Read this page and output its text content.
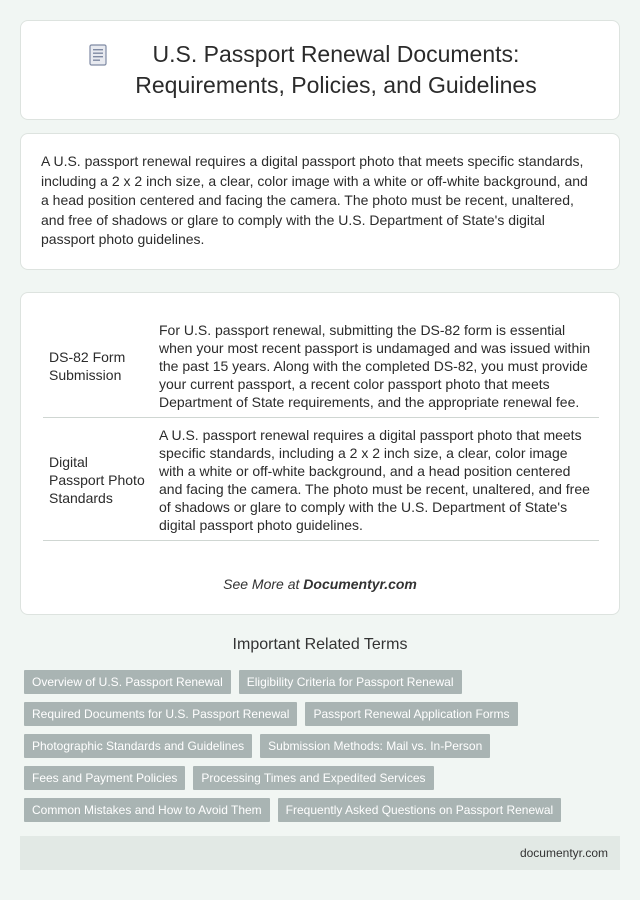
U.S. Passport Renewal Documents: Requirements, Policies, and Guidelines

A U.S. passport renewal requires a digital passport photo that meets specific standards, including a 2 x 2 inch size, a clear, color image with a white or off-white background, and a head position centered and facing the camera. The photo must be recent, unaltered, and free of shadows or glare to comply with the U.S. Department of State's digital passport photo guidelines.

DS-82 Form Submission	For U.S. passport renewal, submitting the DS-82 form is essential when your most recent passport is undamaged and was issued within the past 15 years. Along with the completed DS-82, you must provide your current passport, a recent color passport photo that meets Department of State requirements, and the appropriate renewal fee.
Digital Passport Photo Standards	A U.S. passport renewal requires a digital passport photo that meets specific standards, including a 2 x 2 inch size, a clear, color image with a white or off-white background, and a head position centered and facing the camera. The photo must be recent, unaltered, and free of shadows or glare to comply with the U.S. Department of State's digital passport photo guidelines.
See More at Documentyr.com
Important Related Terms
Overview of U.S. Passport Renewal	Eligibility Criteria for Passport Renewal
Required Documents for U.S. Passport Renewal	Passport Renewal Application Forms
Photographic Standards and Guidelines	Submission Methods: Mail vs. In-Person
Fees and Payment Policies	Processing Times and Expedited Services
Common Mistakes and How to Avoid Them	Frequently Asked Questions on Passport Renewal
documentyr.com
